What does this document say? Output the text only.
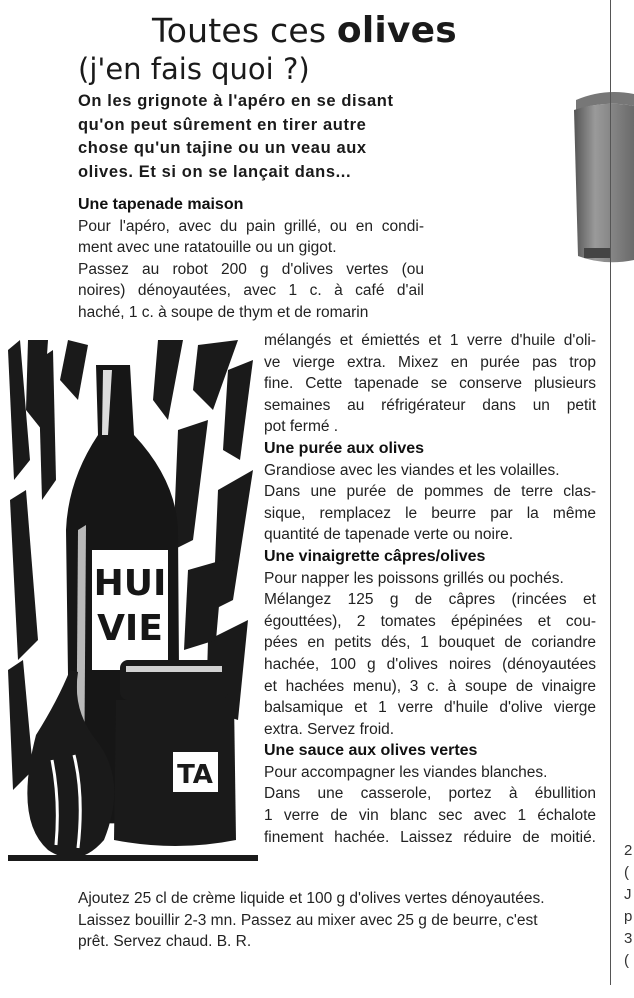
Toutes ces olives
(j'en fais quoi ?)
On les grignote à l'apéro en se disant
qu'on peut sûrement en tirer autre
chose qu'un tajine ou un veau aux
olives. Et si on se lançait dans...
HUI
VIE
TA
Une tapenade maison
Pour l'apéro, avec du pain grillé, ou en condi-
ment avec une ratatouille ou un gigot.
Passez au robot 200 g d'olives vertes (ou
noires) dénoyautées, avec 1 c. à café d'ail
haché, 1 c. à soupe de thym et de romarin
mélangés et émiettés et 1 verre d'huile d'oli-
ve vierge extra. Mixez en purée pas trop
fine. Cette tapenade se conserve plusieurs
semaines au réfrigérateur dans un petit
pot fermé .
Une purée aux olives
Grandiose avec les viandes et les volailles.
Dans une purée de pommes de terre clas-
sique, remplacez le beurre par la même
quantité de tapenade verte ou noire.
Une vinaigrette câpres/olives
Pour napper les poissons grillés ou pochés.
Mélangez 125 g de câpres (rincées et
égouttées), 2 tomates épépinées et cou-
pées en petits dés, 1 bouquet de coriandre
hachée, 100 g d'olives noires (dénoyautées
et hachées menu), 3 c. à soupe de vinaigre
balsamique et 1 verre d'huile d'olive vierge
extra. Servez froid.
Une sauce aux olives vertes
Pour accompagner les viandes blanches.
Dans une casserole, portez à ébullition
1 verre de vin blanc sec avec 1 échalote
finement hachée. Laissez réduire de moitié.
Ajoutez 25 cl de crème liquide et 100 g d'olives vertes dénoyautées.
Laissez bouillir 2-3 mn. Passez au mixer avec 25 g de beurre, c'est
prêt. Servez chaud. B. R.
2
(
J
p
3
(
